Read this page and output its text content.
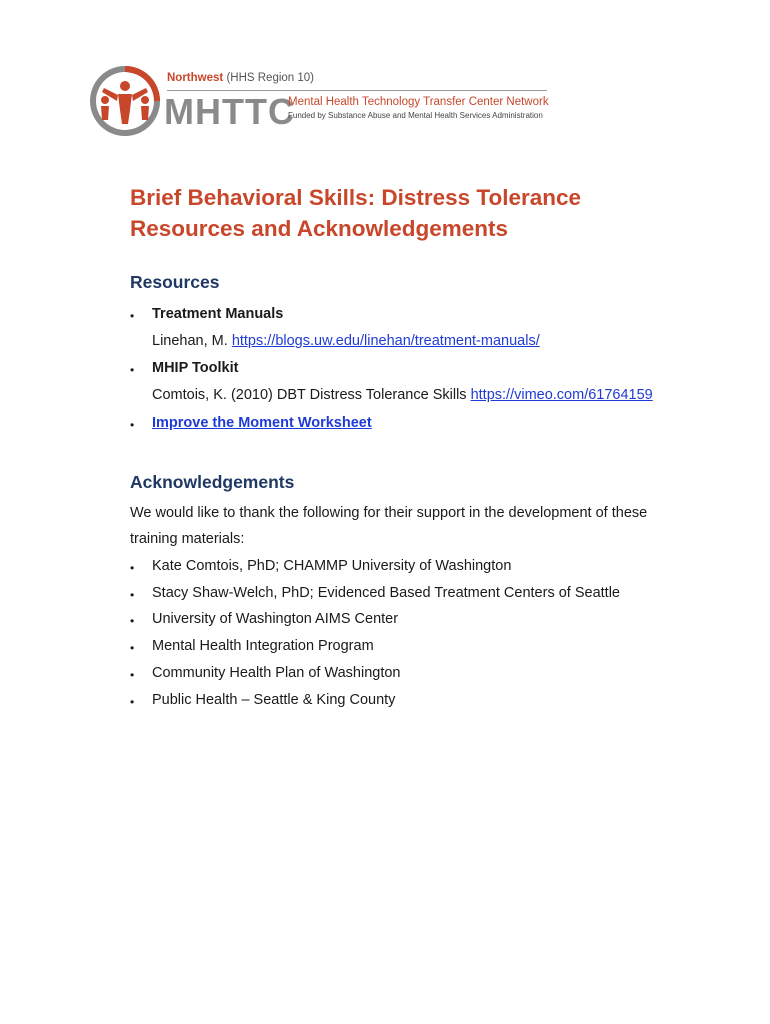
Northwest (HHS Region 10)
MHTTC
Mental Health Technology Transfer Center Network
Funded by Substance Abuse and Mental Health Services Administration
Brief Behavioral Skills: Distress Tolerance
Resources and Acknowledgements
Resources
• Treatment Manuals
Linehan, M. https://blogs.uw.edu/linehan/treatment-manuals/
• MHIP Toolkit
Comtois, K. (2010) DBT Distress Tolerance Skills https://vimeo.com/61764159
• Improve the Moment Worksheet
Acknowledgements
We would like to thank the following for their support in the development of these
training materials:
• Kate Comtois, PhD; CHAMMP University of Washington
• Stacy Shaw-Welch, PhD; Evidenced Based Treatment Centers of Seattle
• University of Washington AIMS Center
• Mental Health Integration Program
• Community Health Plan of Washington
• Public Health – Seattle & King County
